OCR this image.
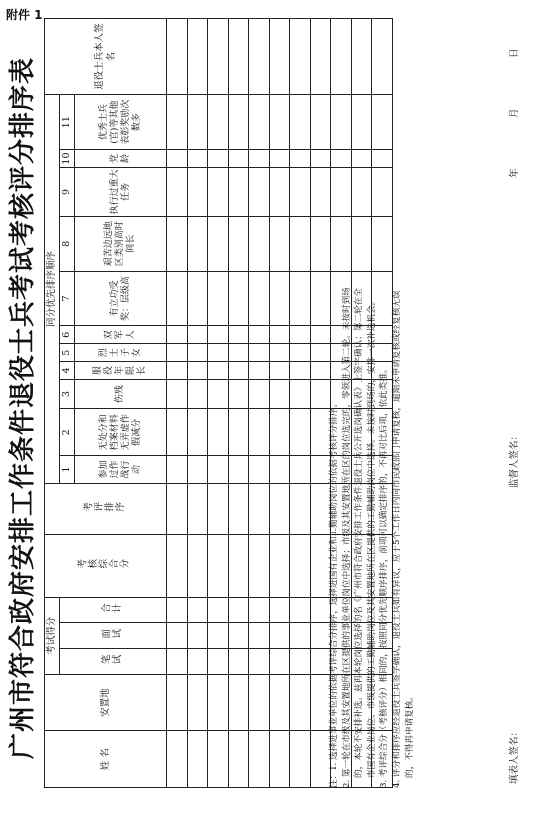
附件 1
广州市符合政府安排工作条件退役士兵考试考核评分排序表
姓 名	安置地	考试得分			考核综合分	考评排序	同分优先排序顺序											退役士兵本人签名
		笔试	面试	合计			1	2	3	4	5	6	7	8	9	10	11	
							参加过作战行动	无处分和档案材料无弄虚作假减分	伤残	服役年限长	烈士子女	双军人	有立功受奖：层级高	艰苦边远地区类别高时间长	执行过重大任务	党龄	优秀士兵(官)等其他表彰奖励次数多	

注：1. 选择进事业单位的依据考评综合分排序，选择进国有企业和工勤辅助岗位的依据考核评分排序。 2. 第一轮在市级及其安置地所在区提供的事业单位岗位中选择；市级及其安置地所在区的岗位选完的，零领进入第二轮。未按时到场 的，本轮不安排补选。兹再本轮岗位选择的名《广州市符合政府安排工作条件退役士兵公开选岗确认表》上签字确认；第二轮在全 市国有企业岗位、市级提供的工勤辅助岗位及其安置地所在区提供的工勤辅助岗位中选择。未按时到场的，安排一次补选机会。 3. 考评综合分（考核评分）相同的，按照同分优先顺序排序，前项可以确定排序的，不再对比后项，依此类推。 4. 评分和排序应经退役士兵签字确认，退役士兵如有异议，应于5个工作日内向市民政部门申请复核，逾期未申请复核或经复核无误 的，不得再申请复核。	填表人签名：
监督人签名：
年
月
日
